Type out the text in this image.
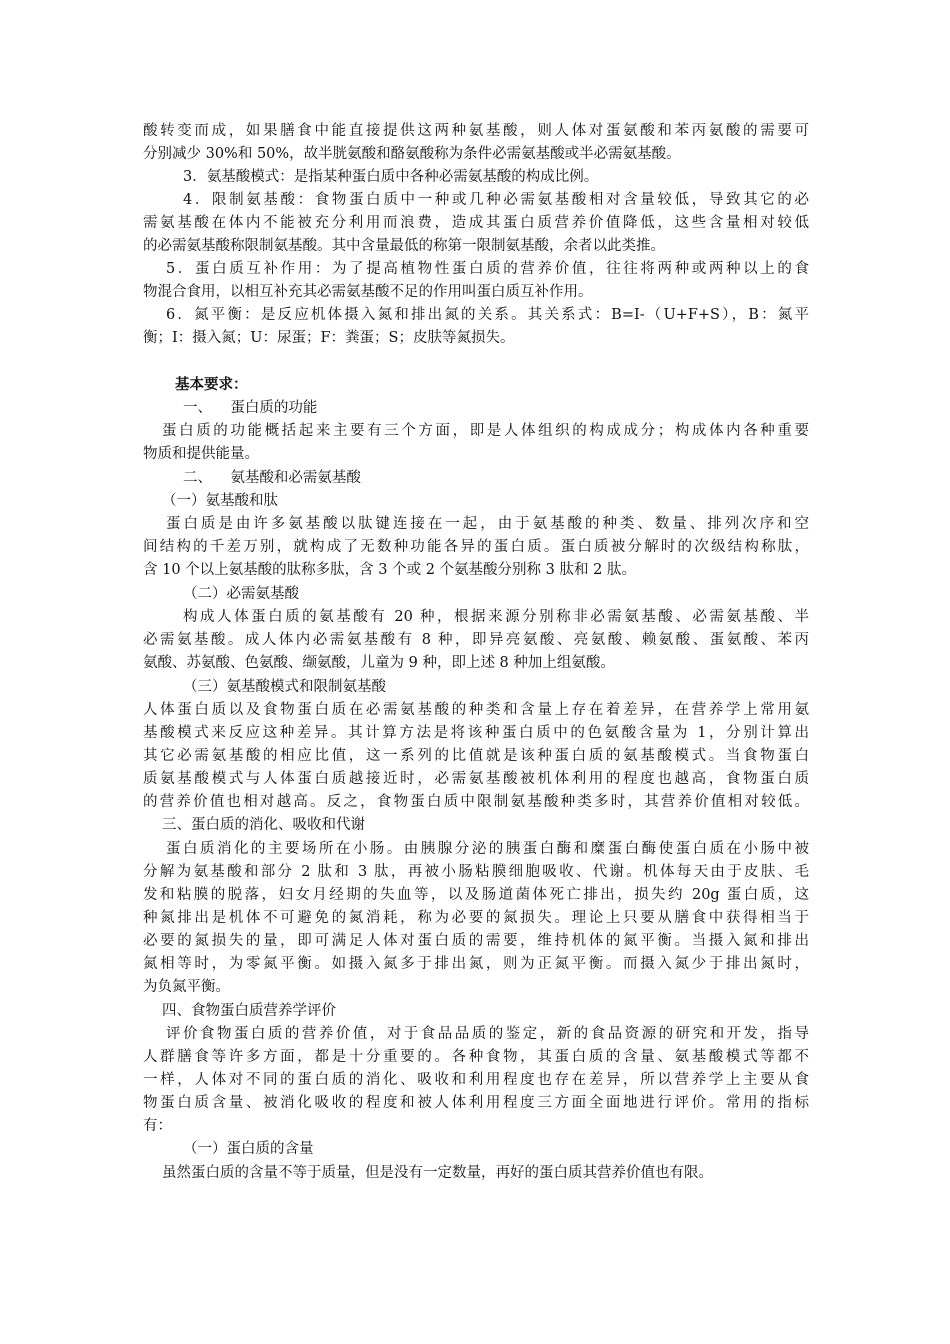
酸转变而成，如果膳食中能直接提供这两种氨基酸，则人体对蛋氨酸和苯丙氨酸的需要可
分别减少 30%和 50%，故半胱氨酸和酪氨酸称为条件必需氨基酸或半必需氨基酸。
3．氨基酸模式：是指某种蛋白质中各种必需氨基酸的构成比例。
4．限制氨基酸：食物蛋白质中一种或几种必需氨基酸相对含量较低，导致其它的必
需氨基酸在体内不能被充分利用而浪费，造成其蛋白质营养价值降低，这些含量相对较低
的必需氨基酸称限制氨基酸。其中含量最低的称第一限制氨基酸，余者以此类推。
5．蛋白质互补作用：为了提高植物性蛋白质的营养价值，往往将两种或两种以上的食
物混合食用，以相互补充其必需氨基酸不足的作用叫蛋白质互补作用。
6．氮平衡：是反应机体摄入氮和排出氮的关系。其关系式：B=I-（U+F+S），B：氮平
衡；I：摄入氮；U：尿蛋；F：粪蛋；S；皮肤等氮损失。
基本要求：
一、    蛋白质的功能
蛋白质的功能概括起来主要有三个方面，即是人体组织的构成成分；构成体内各种重要
物质和提供能量。
二、    氨基酸和必需氨基酸
（一）氨基酸和肽
蛋白质是由许多氨基酸以肽键连接在一起，由于氨基酸的种类、数量、排列次序和空
间结构的千差万别，就构成了无数种功能各异的蛋白质。蛋白质被分解时的次级结构称肽，
含 10 个以上氨基酸的肽称多肽，含 3 个或 2 个氨基酸分别称 3 肽和 2 肽。
（二）必需氨基酸
构成人体蛋白质的氨基酸有 20 种，根据来源分别称非必需氨基酸、必需氨基酸、半
必需氨基酸。成人体内必需氨基酸有 8 种，即异亮氨酸、亮氨酸、赖氨酸、蛋氨酸、苯丙
氨酸、苏氨酸、色氨酸、缬氨酸，儿童为 9 种，即上述 8 种加上组氨酸。
（三）氨基酸模式和限制氨基酸
人体蛋白质以及食物蛋白质在必需氨基酸的种类和含量上存在着差异，在营养学上常用氨
基酸模式来反应这种差异。其计算方法是将该种蛋白质中的色氨酸含量为 1，分别计算出
其它必需氨基酸的相应比值，这一系列的比值就是该种蛋白质的氨基酸模式。当食物蛋白
质氨基酸模式与人体蛋白质越接近时，必需氨基酸被机体利用的程度也越高，食物蛋白质
的营养价值也相对越高。反之，食物蛋白质中限制氨基酸种类多时，其营养价值相对较低。
三、蛋白质的消化、吸收和代谢
蛋白质消化的主要场所在小肠。由胰腺分泌的胰蛋白酶和糜蛋白酶使蛋白质在小肠中被
分解为氨基酸和部分 2 肽和 3 肽，再被小肠粘膜细胞吸收、代谢。机体每天由于皮肤、毛
发和粘膜的脱落，妇女月经期的失血等，以及肠道菌体死亡排出，损失约 20g 蛋白质，这
种氮排出是机体不可避免的氮消耗，称为必要的氮损失。理论上只要从膳食中获得相当于
必要的氮损失的量，即可满足人体对蛋白质的需要，维持机体的氮平衡。当摄入氮和排出
氮相等时，为零氮平衡。如摄入氮多于排出氮，则为正氮平衡。而摄入氮少于排出氮时，
为负氮平衡。
四、食物蛋白质营养学评价
评价食物蛋白质的营养价值，对于食品品质的鉴定，新的食品资源的研究和开发，指导
人群膳食等许多方面，都是十分重要的。各种食物，其蛋白质的含量、氨基酸模式等都不
一样，人体对不同的蛋白质的消化、吸收和利用程度也存在差异，所以营养学上主要从食
物蛋白质含量、被消化吸收的程度和被人体利用程度三方面全面地进行评价。常用的指标
有：
（一）蛋白质的含量
虽然蛋白质的含量不等于质量，但是没有一定数量，再好的蛋白质其营养价值也有限。
